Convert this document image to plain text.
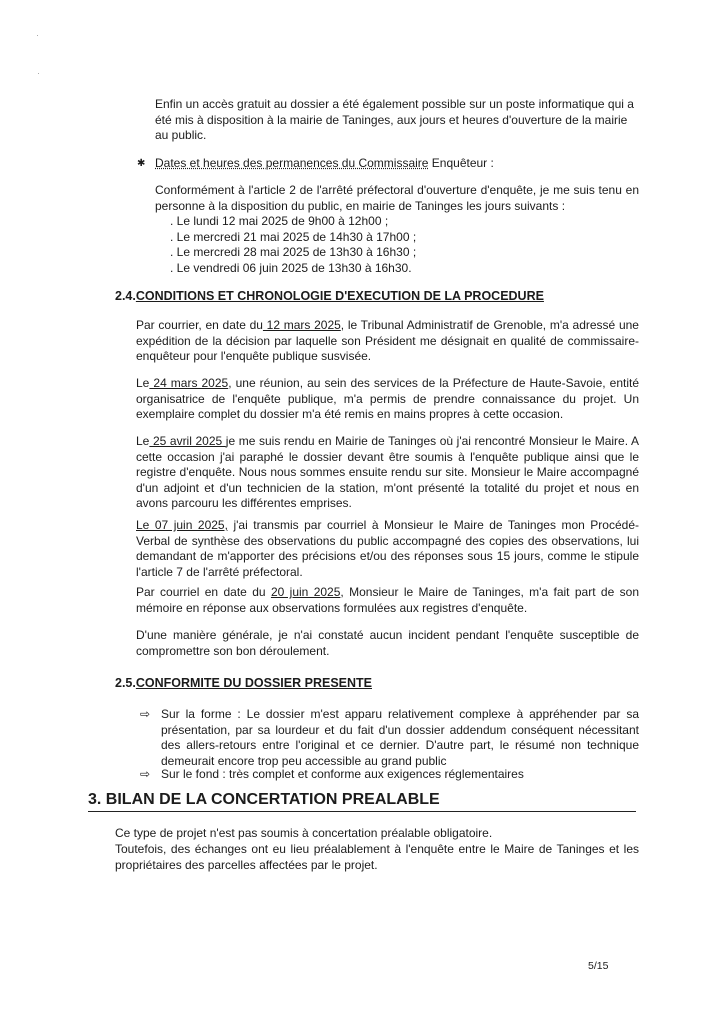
Enfin un accès gratuit au dossier a été également possible sur un poste informatique qui a été mis à disposition à la mairie de Taninges, aux jours et heures d'ouverture de la mairie au public.

✱ Dates et heures des permanences du Commissaire Enquêteur :

Conformément à l'article 2 de l'arrêté préfectoral d'ouverture d'enquête, je me suis tenu en personne à la disposition du public, en mairie de Taninges les jours suivants :

. Le lundi 12 mai 2025 de 9h00 à 12h00 ;
. Le mercredi 21 mai 2025 de 14h30 à 17h00 ;
. Le mercredi 28 mai 2025 de 13h30 à 16h30 ;
. Le vendredi 06 juin 2025 de 13h30 à 16h30.
2.4.CONDITIONS ET CHRONOLOGIE D'EXECUTION DE LA PROCEDURE

Par courrier, en date du 12 mars 2025, le Tribunal Administratif de Grenoble, m'a adressé une expédition de la décision par laquelle son Président me désignait en qualité de commissaire-enquêteur pour l'enquête publique susvisée.

Le 24 mars 2025, une réunion, au sein des services de la Préfecture de Haute-Savoie, entité organisatrice de l'enquête publique, m'a permis de prendre connaissance du projet. Un exemplaire complet du dossier m'a été remis en mains propres à cette occasion.

Le 25 avril 2025 je me suis rendu en Mairie de Taninges où j'ai rencontré Monsieur le Maire. A cette occasion j'ai paraphé le dossier devant être soumis à l'enquête publique ainsi que le registre d'enquête. Nous nous sommes ensuite rendu sur site. Monsieur le Maire accompagné d'un adjoint et d'un technicien de la station, m'ont présenté la totalité du projet et nous en avons parcouru les différentes emprises.

Le 07 juin 2025, j'ai transmis par courriel à Monsieur le Maire de Taninges mon Procédé-Verbal de synthèse des observations du public accompagné des copies des observations, lui demandant de m'apporter des précisions et/ou des réponses sous 15 jours, comme le stipule l'article 7 de l'arrêté préfectoral.

Par courriel en date du 20 juin 2025, Monsieur le Maire de Taninges, m'a fait part de son mémoire en réponse aux observations formulées aux registres d'enquête.

D'une manière générale, je n'ai constaté aucun incident pendant l'enquête susceptible de compromettre son bon déroulement.

2.5.CONFORMITE DU DOSSIER PRESENTE
⇨ Sur la forme : Le dossier m'est apparu relativement complexe à appréhender par sa présentation, par sa lourdeur et du fait d'un dossier addendum conséquent nécessitant des allers-retours entre l'original et ce dernier. D'autre part, le résumé non technique demeurait encore trop peu accessible au grand public
⇨ Sur le fond : très complet et conforme aux exigences réglementaires
3. BILAN DE LA CONCERTATION PREALABLE

Ce type de projet n'est pas soumis à concertation préalable obligatoire.

Toutefois, des échanges ont eu lieu préalablement à l'enquête entre le Maire de Taninges et les propriétaires des parcelles affectées par le projet.

5/15
